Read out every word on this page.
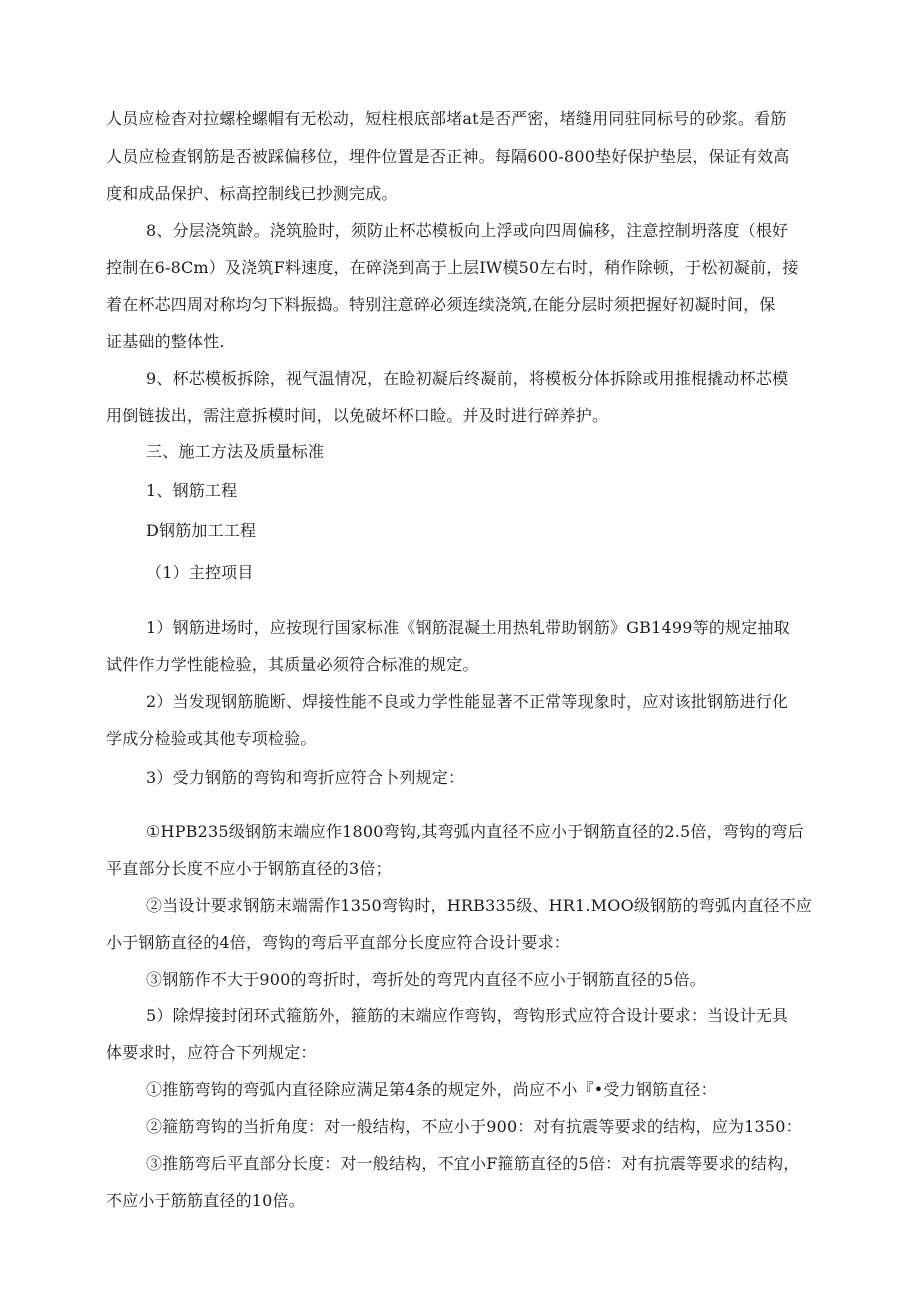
人员应检杳对拉螺栓螺帽有无松动，短柱根底部堵at是否严密，堵缝用同驻同标号的砂浆。看筋
人员应检查钢筋是否被踩偏移位，埋件位置是否正神。每隔600-800垫好保护垫层，保证有效高
度和成品保护、标高控制线已抄测完成。
8、分层浇筑龄。浇筑脸时，须防止杯芯模板向上浮或向四周偏移，注意控制坍落度（根好
控制在6-8Cm）及浇筑F料速度，在碎浇到高于上层IW模50左右时，稍作除顿，于松初凝前，接
着在杯芯四周对称均匀下料振捣。特别注意碎必须连续浇筑,在能分层时须把握好初凝时间，保
证基础的整体性.
9、杯芯模板拆除，视气温情况，在睑初凝后终凝前，将模板分体拆除或用推棍撬动杯芯模
用倒链拔出，需注意拆模时间，以免破坏杯口睑。并及时进行碎养护。
三、施工方法及质量标准
1、钢筋工程
D钢筋加工工程
（1）主控项目
1）钢筋进场时，应按现行国家标准《钢筋混凝土用热轧带助钢筋》GB1499等的规定抽取
试件作力学性能检验，其质量必须符合标准的规定。
2）当发现钢筋脆断、焊接性能不良或力学性能显著不正常等现象时，应对该批钢筋进行化
学成分检验或其他专项检验。
3）受力钢筋的弯钩和弯折应符合卜列规定：
①HPB235级钢筋末端应作1800弯钩,其弯弧内直径不应小于钢筋直径的2.5倍，弯钩的弯后
平直部分长度不应小于钢筋直径的3倍；
②当设计要求钢筋末端需作1350弯钩时，HRB335级、HR1.MOO级钢筋的弯弧内直径不应
小于钢筋直径的4倍，弯钩的弯后平直部分长度应符合设计要求：
③钢筋作不大于900的弯折时，弯折处的弯咒内直径不应小于钢筋直径的5倍。
5）除焊接封闭环式箍筋外，箍筋的末端应作弯钩，弯钩形式应符合设计要求：当设计无具
体要求时，应符合下列规定：
①推筋弯钩的弯弧内直径除应满足第4条的规定外，尚应不小『•受力钢筋直径：
②箍筋弯钩的当折角度：对一般结构，不应小于900：对有抗震等要求的结构，应为1350：
③推筋弯后平直部分长度：对一般结构，不宜小F箍筋直径的5倍：对有抗震等要求的结构，
不应小于筋筋直径的10倍。
